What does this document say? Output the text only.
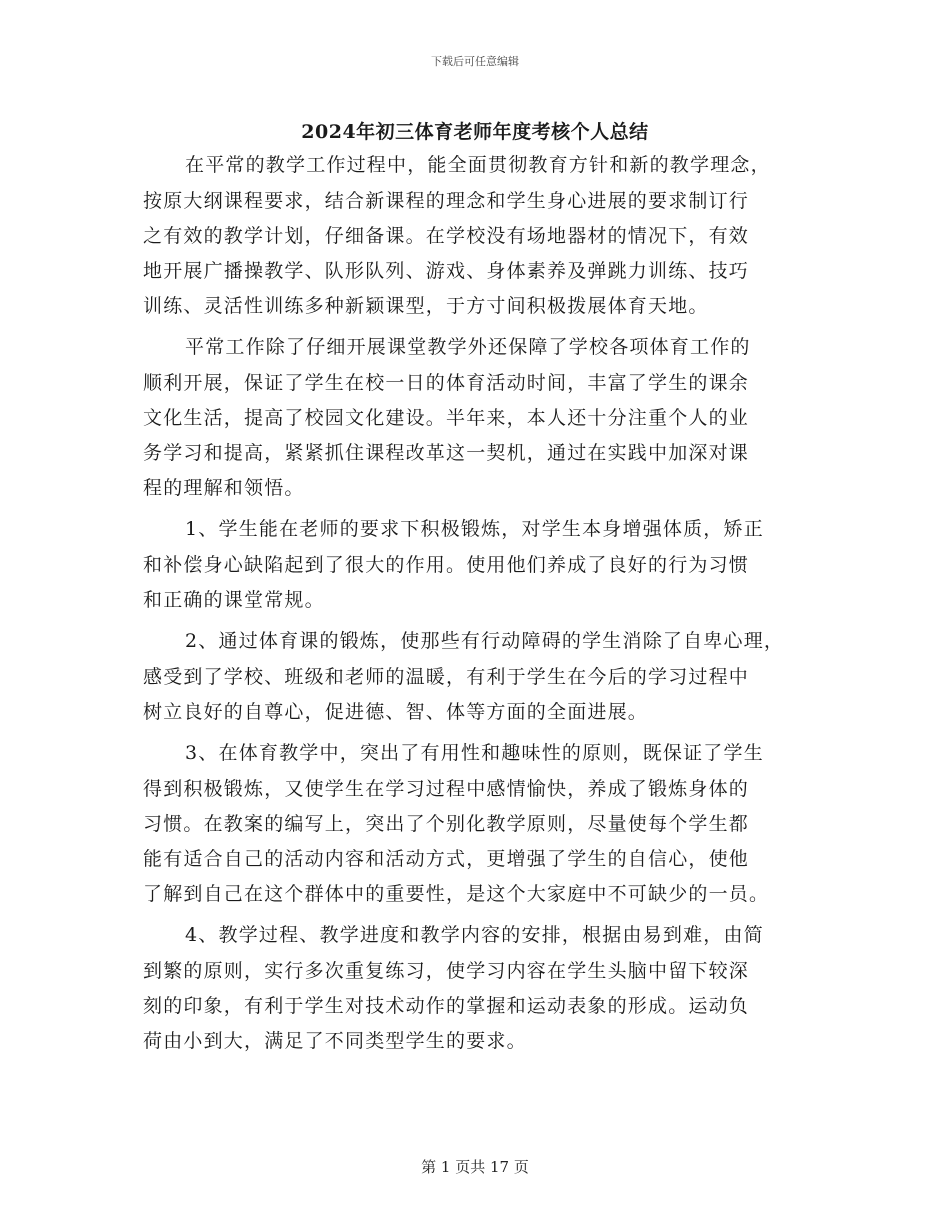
下载后可任意编辑
2024年初三体育老师年度考核个人总结
在平常的教学工作过程中，能全面贯彻教育方针和新的教学理念，
按原大纲课程要求，结合新课程的理念和学生身心进展的要求制订行
之有效的教学计划，仔细备课。在学校没有场地器材的情况下，有效
地开展广播操教学、队形队列、游戏、身体素养及弹跳力训练、技巧
训练、灵活性训练多种新颖课型，于方寸间积极拨展体育天地。
平常工作除了仔细开展课堂教学外还保障了学校各项体育工作的
顺利开展，保证了学生在校一日的体育活动时间，丰富了学生的课余
文化生活，提高了校园文化建设。半年来，本人还十分注重个人的业
务学习和提高，紧紧抓住课程改革这一契机，通过在实践中加深对课
程的理解和领悟。
1、学生能在老师的要求下积极锻炼，对学生本身增强体质，矫正
和补偿身心缺陷起到了很大的作用。使用他们养成了良好的行为习惯
和正确的课堂常规。
2、通过体育课的锻炼，使那些有行动障碍的学生消除了自卑心理，
感受到了学校、班级和老师的温暖，有利于学生在今后的学习过程中
树立良好的自尊心，促进德、智、体等方面的全面进展。
3、在体育教学中，突出了有用性和趣味性的原则，既保证了学生
得到积极锻炼，又使学生在学习过程中感情愉快，养成了锻炼身体的
习惯。在教案的编写上，突出了个别化教学原则，尽量使每个学生都
能有适合自己的活动内容和活动方式，更增强了学生的自信心，使他
了解到自己在这个群体中的重要性，是这个大家庭中不可缺少的一员。
4、教学过程、教学进度和教学内容的安排，根据由易到难，由简
到繁的原则，实行多次重复练习，使学习内容在学生头脑中留下较深
刻的印象，有利于学生对技术动作的掌握和运动表象的形成。运动负
荷由小到大，满足了不同类型学生的要求。
第 1 页共 17 页
